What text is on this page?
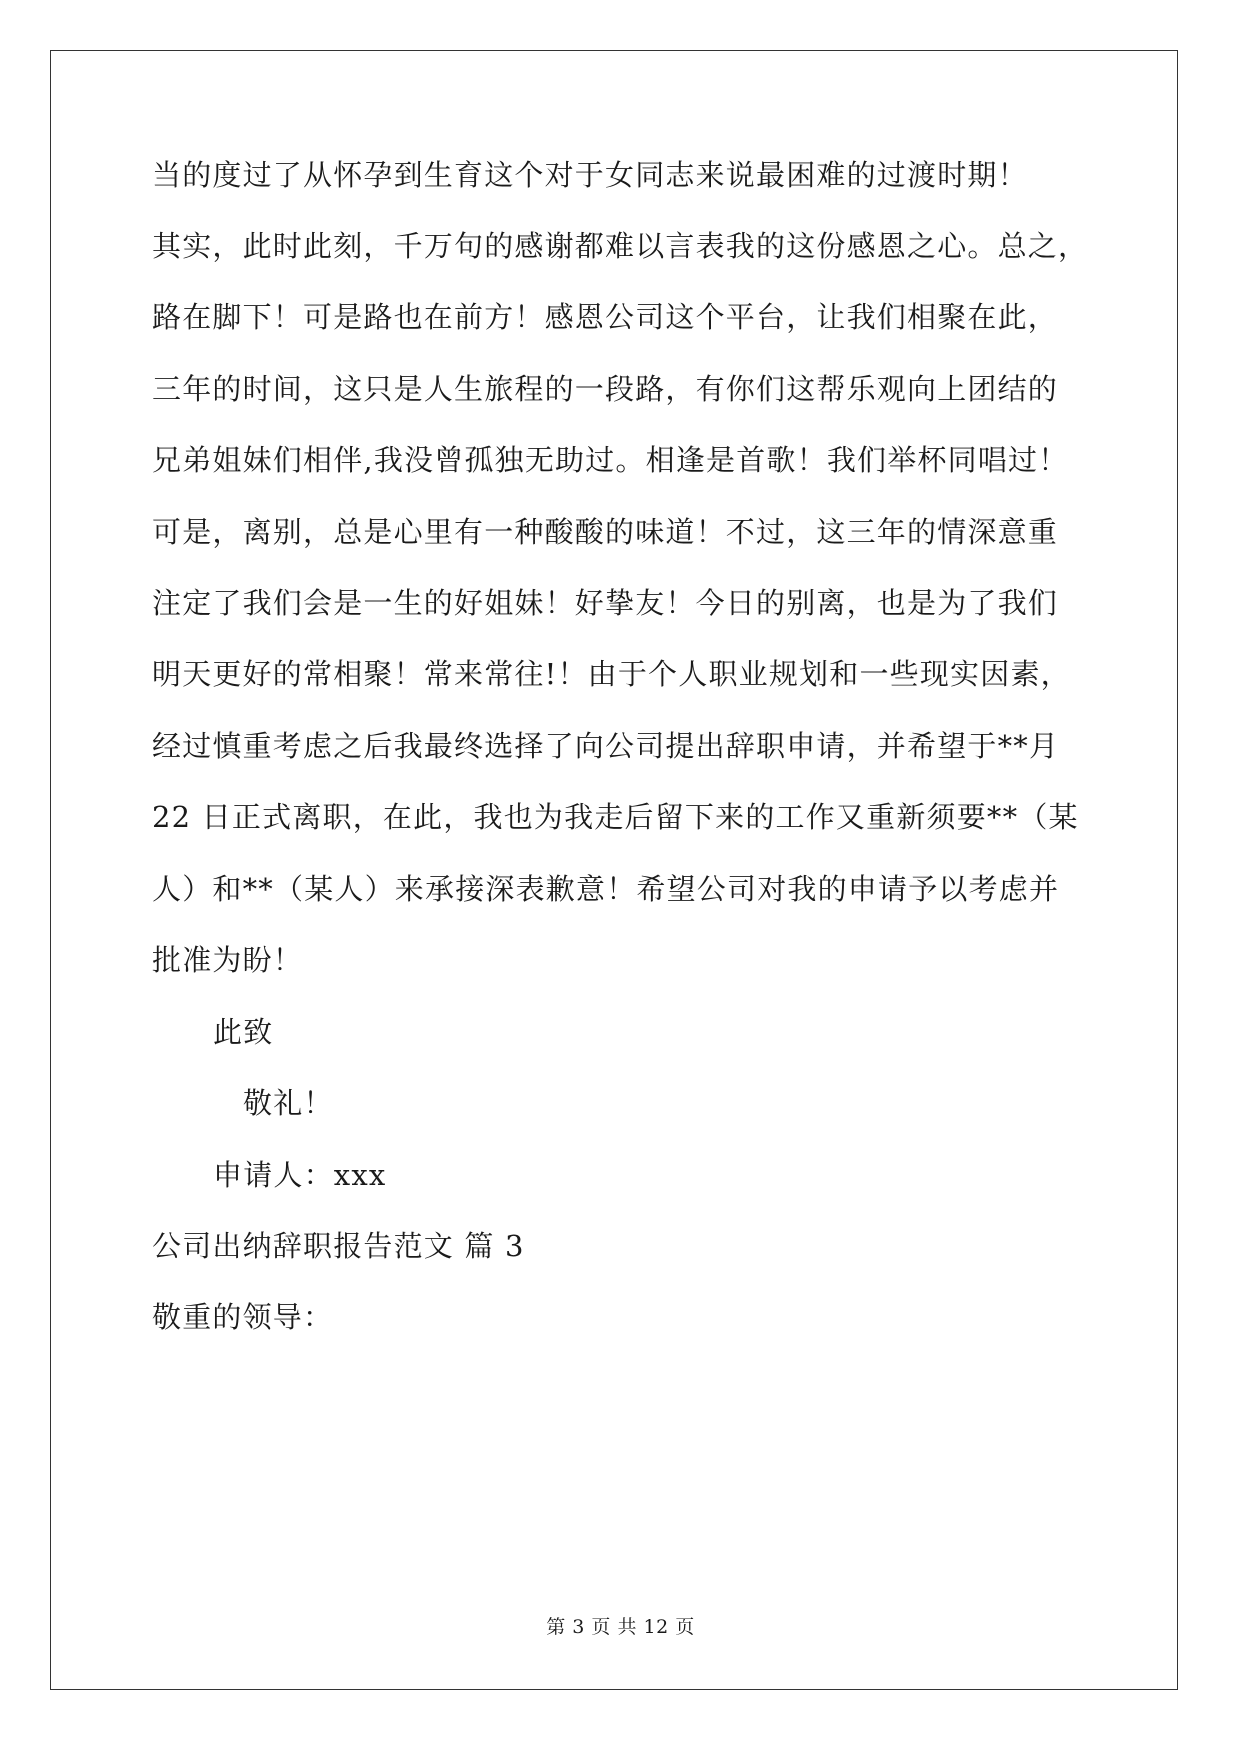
当的度过了从怀孕到生育这个对于女同志来说最困难的过渡时期！
其实，此时此刻，千万句的感谢都难以言表我的这份感恩之心。总之，
路在脚下！可是路也在前方！感恩公司这个平台，让我们相聚在此，
三年的时间，这只是人生旅程的一段路，有你们这帮乐观向上团结的
兄弟姐妹们相伴,我没曾孤独无助过。相逢是首歌！我们举杯同唱过！
可是，离别，总是心里有一种酸酸的味道！不过，这三年的情深意重
注定了我们会是一生的好姐妹！好挚友！今日的别离，也是为了我们
明天更好的常相聚！常来常往!！由于个人职业规划和一些现实因素，
经过慎重考虑之后我最终选择了向公司提出辞职申请，并希望于**月
22 日正式离职，在此，我也为我走后留下来的工作又重新须要**（某
人）和**（某人）来承接深表歉意！希望公司对我的申请予以考虑并
批准为盼！
此致
敬礼！
申请人：xxx
公司出纳辞职报告范文 篇 3
敬重的领导：
第 3 页 共 12 页
